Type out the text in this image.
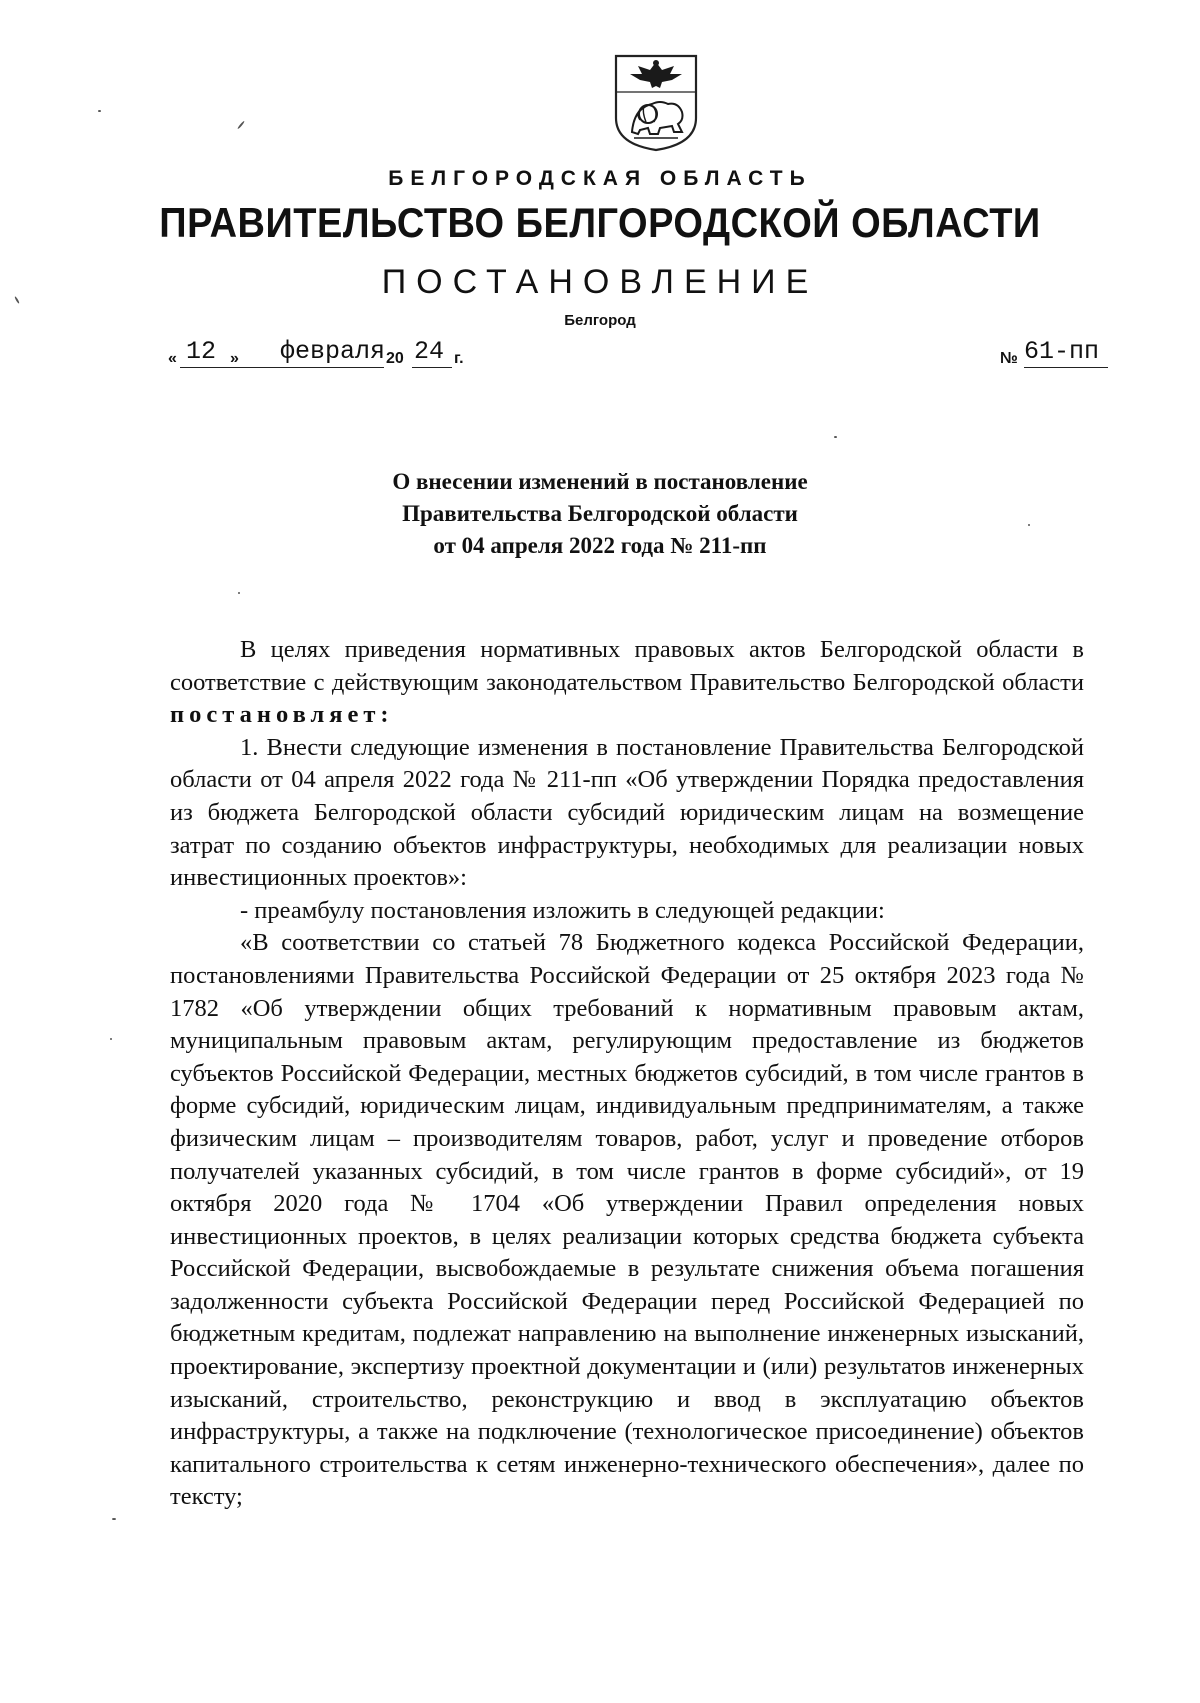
БЕЛГОРОДСКАЯ ОБЛАСТЬ
ПРАВИТЕЛЬСТВО БЕЛГОРОДСКОЙ ОБЛАСТИ
ПОСТАНОВЛЕНИЕ
Белгород
« 12 » февраля 20 24 г.	№ 61-пп
О внесении изменений в постановление
Правительства Белгородской области
от 04 апреля 2022 года № 211-пп

В целях приведения нормативных правовых актов Белгородской области в соответствие с действующим законодательством Правительство Белгородской области постановляет:

1. Внести следующие изменения в постановление Правительства Белгородской области от 04 апреля 2022 года № 211-пп «Об утверждении Порядка предоставления из бюджета Белгородской области субсидий юридическим лицам на возмещение затрат по созданию объектов инфраструктуры, необходимых для реализации новых инвестиционных проектов»:

- преамбулу постановления изложить в следующей редакции:

«В соответствии со статьей 78 Бюджетного кодекса Российской Федерации, постановлениями Правительства Российской Федерации от 25 октября 2023 года № 1782 «Об утверждении общих требований к нормативным правовым актам, муниципальным правовым актам, регулирующим предоставление из бюджетов субъектов Российской Федерации, местных бюджетов субсидий, в том числе грантов в форме субсидий, юридическим лицам, индивидуальным предпринимателям, а также физическим лицам – производителям товаров, работ, услуг и проведение отборов получателей указанных субсидий, в том числе грантов в форме субсидий», от 19 октября 2020 года № 1704 «Об утверждении Правил определения новых инвестиционных проектов, в целях реализации которых средства бюджета субъекта Российской Федерации, высвобождаемые в результате снижения объема погашения задолженности субъекта Российской Федерации перед Российской Федерацией по бюджетным кредитам, подлежат направлению на выполнение инженерных изысканий, проектирование, экспертизу проектной документации и (или) результатов инженерных изысканий, строительство, реконструкцию и ввод в эксплуатацию объектов инфраструктуры, а также на подключение (технологическое присоединение) объектов капитального строительства к сетям инженерно-технического обеспечения», далее по тексту;
